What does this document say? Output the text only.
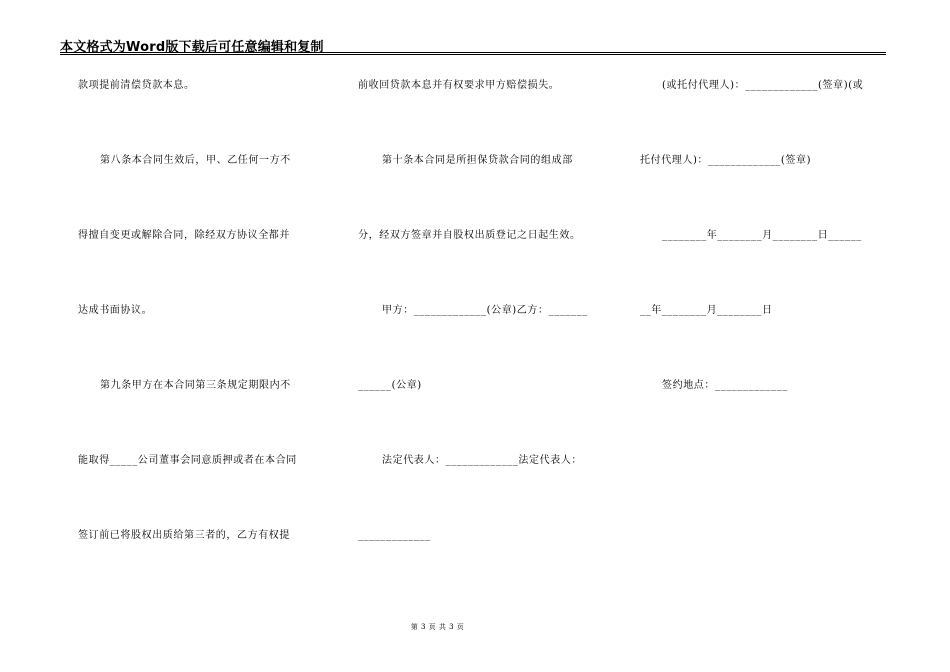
本文格式为Word版下载后可任意编辑和复制
款项提前清偿贷款本息。
第八条本合同生效后，甲、乙任何一方不
得擅自变更或解除合同，除经双方协议全都并
达成书面协议。
第九条甲方在本合同第三条规定期限内不
能取得_____公司董事会同意质押或者在本合同
签订前已将股权出质给第三者的，乙方有权提
前收回贷款本息并有权要求甲方赔偿损失。
第十条本合同是所担保贷款合同的组成部
分，经双方签章并自股权出质登记之日起生效。
甲方：_____________(公章)乙方：_______
______(公章)
法定代表人：_____________法定代表人：
_____________
(或托付代理人)：_____________(签章)(或
托付代理人)：_____________(签章)
________年________月________日______
__年________月________日
签约地点：_____________
第 3 页 共 3 页
